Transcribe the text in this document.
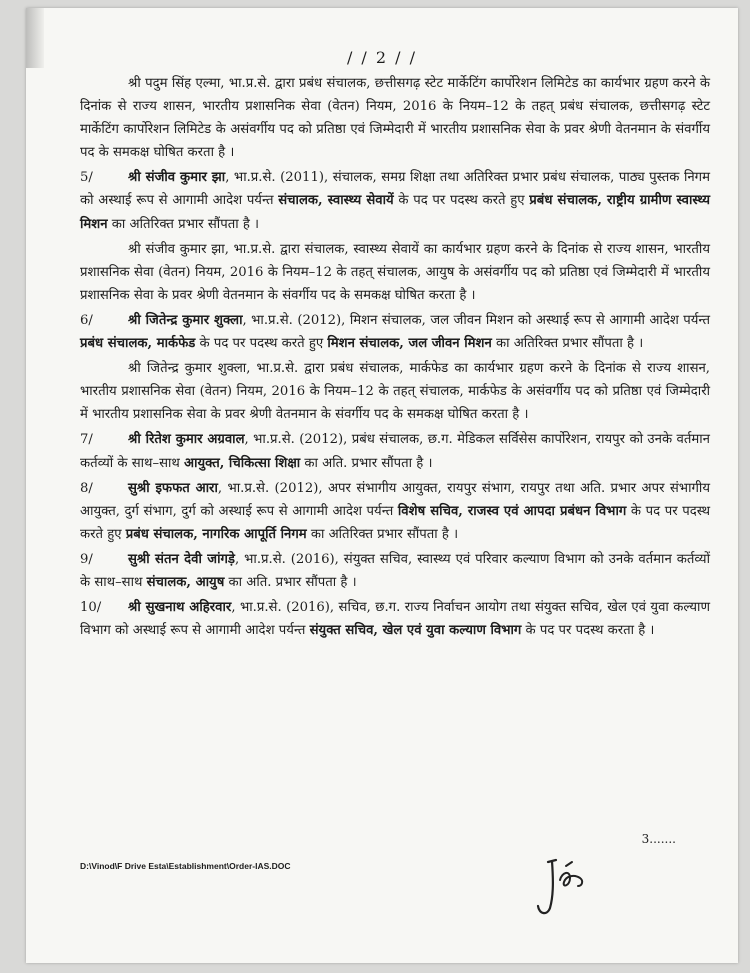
/ / 2 / /

श्री पदुम सिंह एल्मा, भा.प्र.से. द्वारा प्रबंध संचालक, छत्तीसगढ़ स्टेट मार्केटिंग कार्पोरेशन लिमिटेड का कार्यभार ग्रहण करने के दिनांक से राज्य शासन, भारतीय प्रशासनिक सेवा (वेतन) नियम, 2016 के नियम–12 के तहत् प्रबंध संचालक, छत्तीसगढ़ स्टेट मार्केटिंग कार्पोरेशन लिमिटेड के असंवर्गीय पद को प्रतिष्ठा एवं जिम्मेदारी में भारतीय प्रशासनिक सेवा के प्रवर श्रेणी वेतनमान के संवर्गीय पद के समकक्ष घोषित करता है ।

5/	श्री संजीव कुमार झा, भा.प्र.से. (2011), संचालक, समग्र शिक्षा तथा अतिरिक्त प्रभार प्रबंध संचालक, पाठ्य पुस्तक निगम को अस्थाई रूप से आगामी आदेश पर्यन्त संचालक, स्वास्थ्य सेवायें के पद पर पदस्थ करते हुए प्रबंध संचालक, राष्ट्रीय ग्रामीण स्वास्थ्य मिशन का अतिरिक्त प्रभार सौंपता है ।

श्री संजीव कुमार झा, भा.प्र.से. द्वारा संचालक, स्वास्थ्य सेवायें का कार्यभार ग्रहण करने के दिनांक से राज्य शासन, भारतीय प्रशासनिक सेवा (वेतन) नियम, 2016 के नियम–12 के तहत् संचालक, आयुष के असंवर्गीय पद को प्रतिष्ठा एवं जिम्मेदारी में भारतीय प्रशासनिक सेवा के प्रवर श्रेणी वेतनमान के संवर्गीय पद के समकक्ष घोषित करता है ।

6/	श्री जितेन्द्र कुमार शुक्ला, भा.प्र.से. (2012), मिशन संचालक, जल जीवन मिशन को अस्थाई रूप से आगामी आदेश पर्यन्त प्रबंध संचालक, मार्कफेड के पद पर पदस्थ करते हुए मिशन संचालक, जल जीवन मिशन का अतिरिक्त प्रभार सौंपता है ।

श्री जितेन्द्र कुमार शुक्ला, भा.प्र.से. द्वारा प्रबंध संचालक, मार्कफेड का कार्यभार ग्रहण करने के दिनांक से राज्य शासन, भारतीय प्रशासनिक सेवा (वेतन) नियम, 2016 के नियम–12 के तहत् संचालक, मार्कफेड के असंवर्गीय पद को प्रतिष्ठा एवं जिम्मेदारी में भारतीय प्रशासनिक सेवा के प्रवर श्रेणी वेतनमान के संवर्गीय पद के समकक्ष घोषित करता है ।

7/	श्री रितेश कुमार अग्रवाल, भा.प्र.से. (2012), प्रबंध संचालक, छ.ग. मेडिकल सर्विसेस कार्पोरेशन, रायपुर को उनके वर्तमान कर्तव्यों के साथ–साथ आयुक्त, चिकित्सा शिक्षा का अति. प्रभार सौंपता है ।

8/	सुश्री इफफत आरा, भा.प्र.से. (2012), अपर संभागीय आयुक्त, रायपुर संभाग, रायपुर तथा अति. प्रभार अपर संभागीय आयुक्त, दुर्ग संभाग, दुर्ग को अस्थाई रूप से आगामी आदेश पर्यन्त विशेष सचिव, राजस्व एवं आपदा प्रबंधन विभाग के पद पर पदस्थ करते हुए प्रबंध संचालक, नागरिक आपूर्ति निगम का अतिरिक्त प्रभार सौंपता है ।

9/	सुश्री संतन देवी जांगड़े, भा.प्र.से. (2016), संयुक्त सचिव, स्वास्थ्य एवं परिवार कल्याण विभाग को उनके वर्तमान कर्तव्यों के साथ–साथ संचालक, आयुष का अति. प्रभार सौंपता है ।

10/ श्री सुखनाथ अहिरवार, भा.प्र.से. (2016), सचिव, छ.ग. राज्य निर्वाचन आयोग तथा संयुक्त सचिव, खेल एवं युवा कल्याण विभाग को अस्थाई रूप से आगामी आदेश पर्यन्त संयुक्त सचिव, खेल एवं युवा कल्याण विभाग के पद पर पदस्थ करता है ।

3.......
D:\Vinod\F Drive Esta\Establishment\Order-IAS.DOC
